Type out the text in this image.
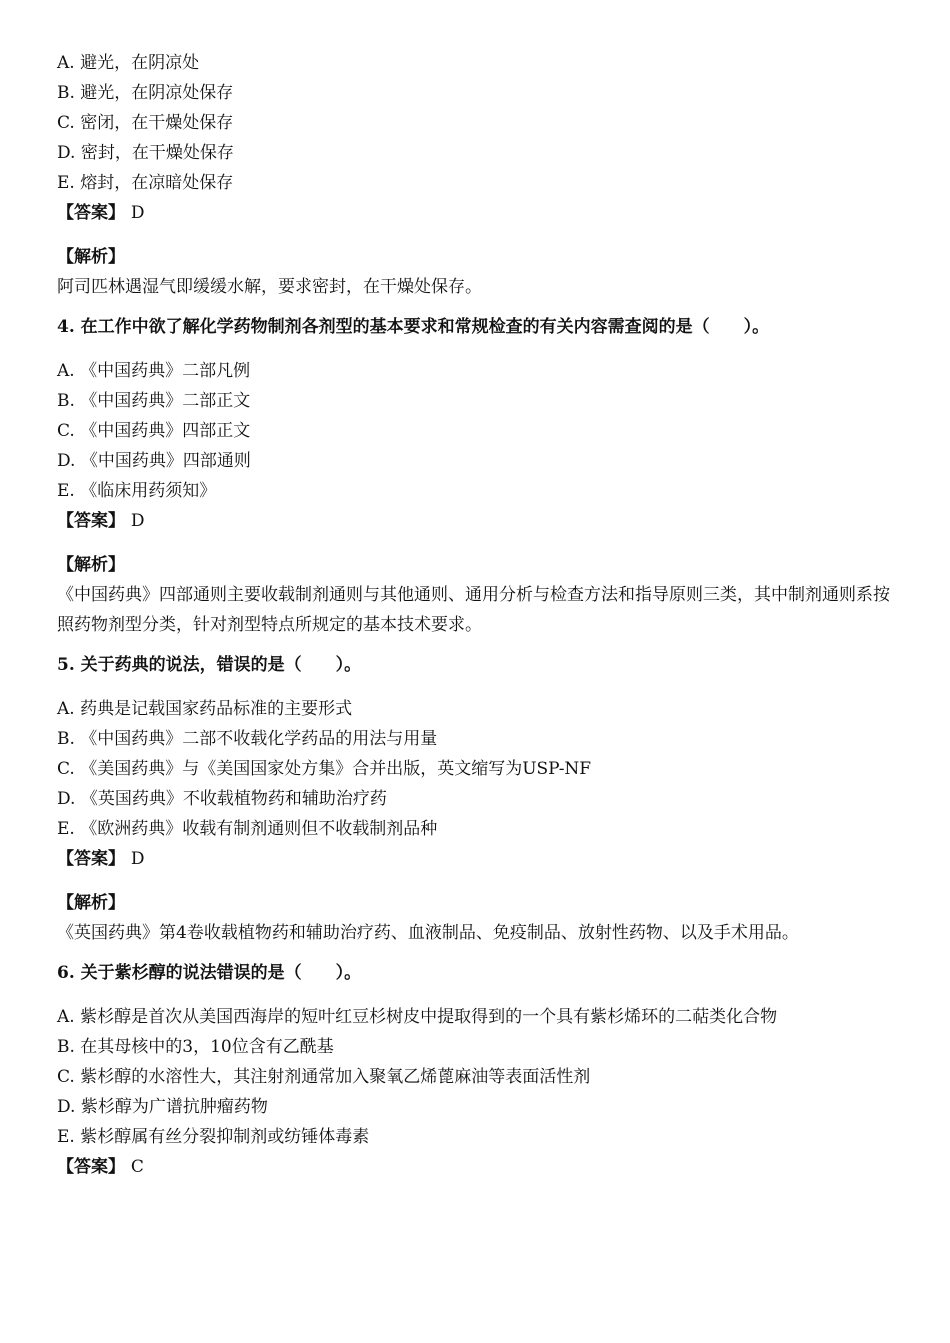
A. 避光，在阴凉处
B. 避光，在阴凉处保存
C. 密闭，在干燥处保存
D. 密封，在干燥处保存
E. 熔封，在凉暗处保存
【答案】 D
【解析】
阿司匹林遇湿气即缓缓水解，要求密封，在干燥处保存。
4. 在工作中欲了解化学药物制剂各剂型的基本要求和常规检查的有关内容需查阅的是（　　）。
A. 《中国药典》二部凡例
B. 《中国药典》二部正文
C. 《中国药典》四部正文
D. 《中国药典》四部通则
E. 《临床用药须知》
【答案】 D
【解析】
《中国药典》四部通则主要收载制剂通则与其他通则、通用分析与检查方法和指导原则三类，其中制剂通则系按照药物剂型分类，针对剂型特点所规定的基本技术要求。
5. 关于药典的说法，错误的是（　　）。
A. 药典是记载国家药品标准的主要形式
B. 《中国药典》二部不收载化学药品的用法与用量
C. 《美国药典》与《美国国家处方集》合并出版，英文缩写为USP-NF
D. 《英国药典》不收载植物药和辅助治疗药
E. 《欧洲药典》收载有制剂通则但不收载制剂品种
【答案】 D
【解析】
《英国药典》第4卷收载植物药和辅助治疗药、血液制品、免疫制品、放射性药物、以及手术用品。
6. 关于紫杉醇的说法错误的是（　　）。
A. 紫杉醇是首次从美国西海岸的短叶红豆杉树皮中提取得到的一个具有紫杉烯环的二萜类化合物
B. 在其母核中的3，10位含有乙酰基
C. 紫杉醇的水溶性大，其注射剂通常加入聚氧乙烯蓖麻油等表面活性剂
D. 紫杉醇为广谱抗肿瘤药物
E. 紫杉醇属有丝分裂抑制剂或纺锤体毒素
【答案】 C
